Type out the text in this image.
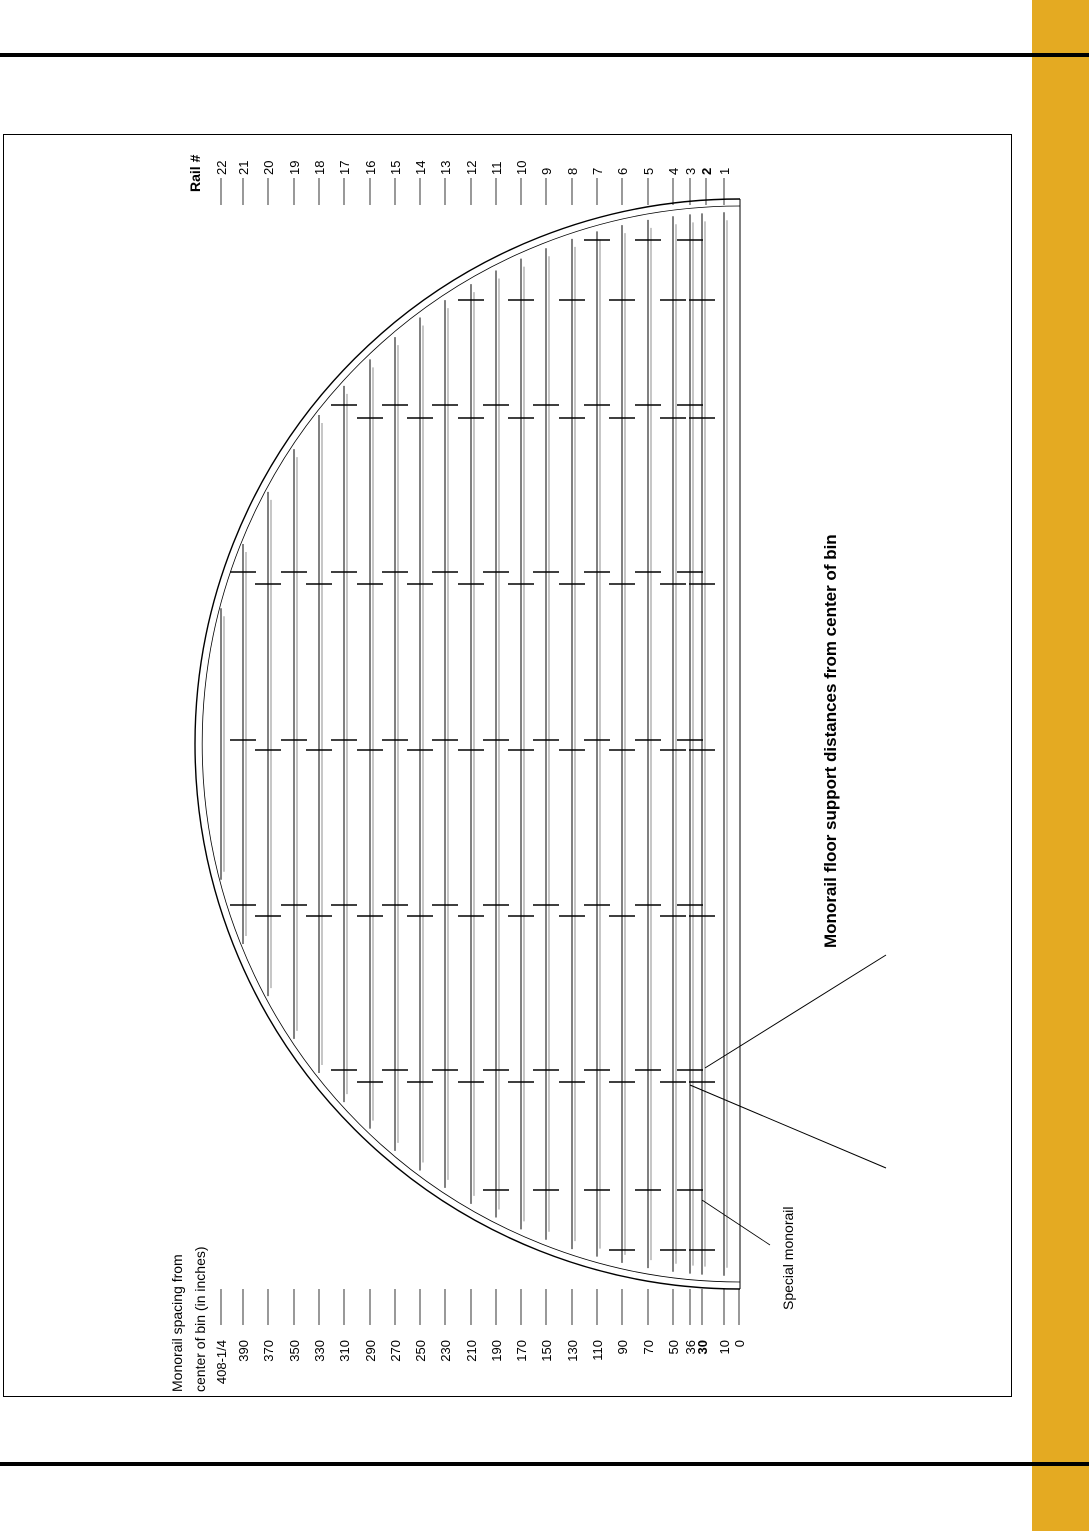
408-1/4 390 370 350 330 310 290 270 250 230 210 190 170 150 130 110 90 70 50 36
30 10 0
22 21 20 19 18 17 16 15 14 13 12 11 10 9 8 7 6 5 4 3 2 1
Monorail spacing from center of bin (in inches)
Rail #
Special monorail
Monorail floor support distances from center of bin
